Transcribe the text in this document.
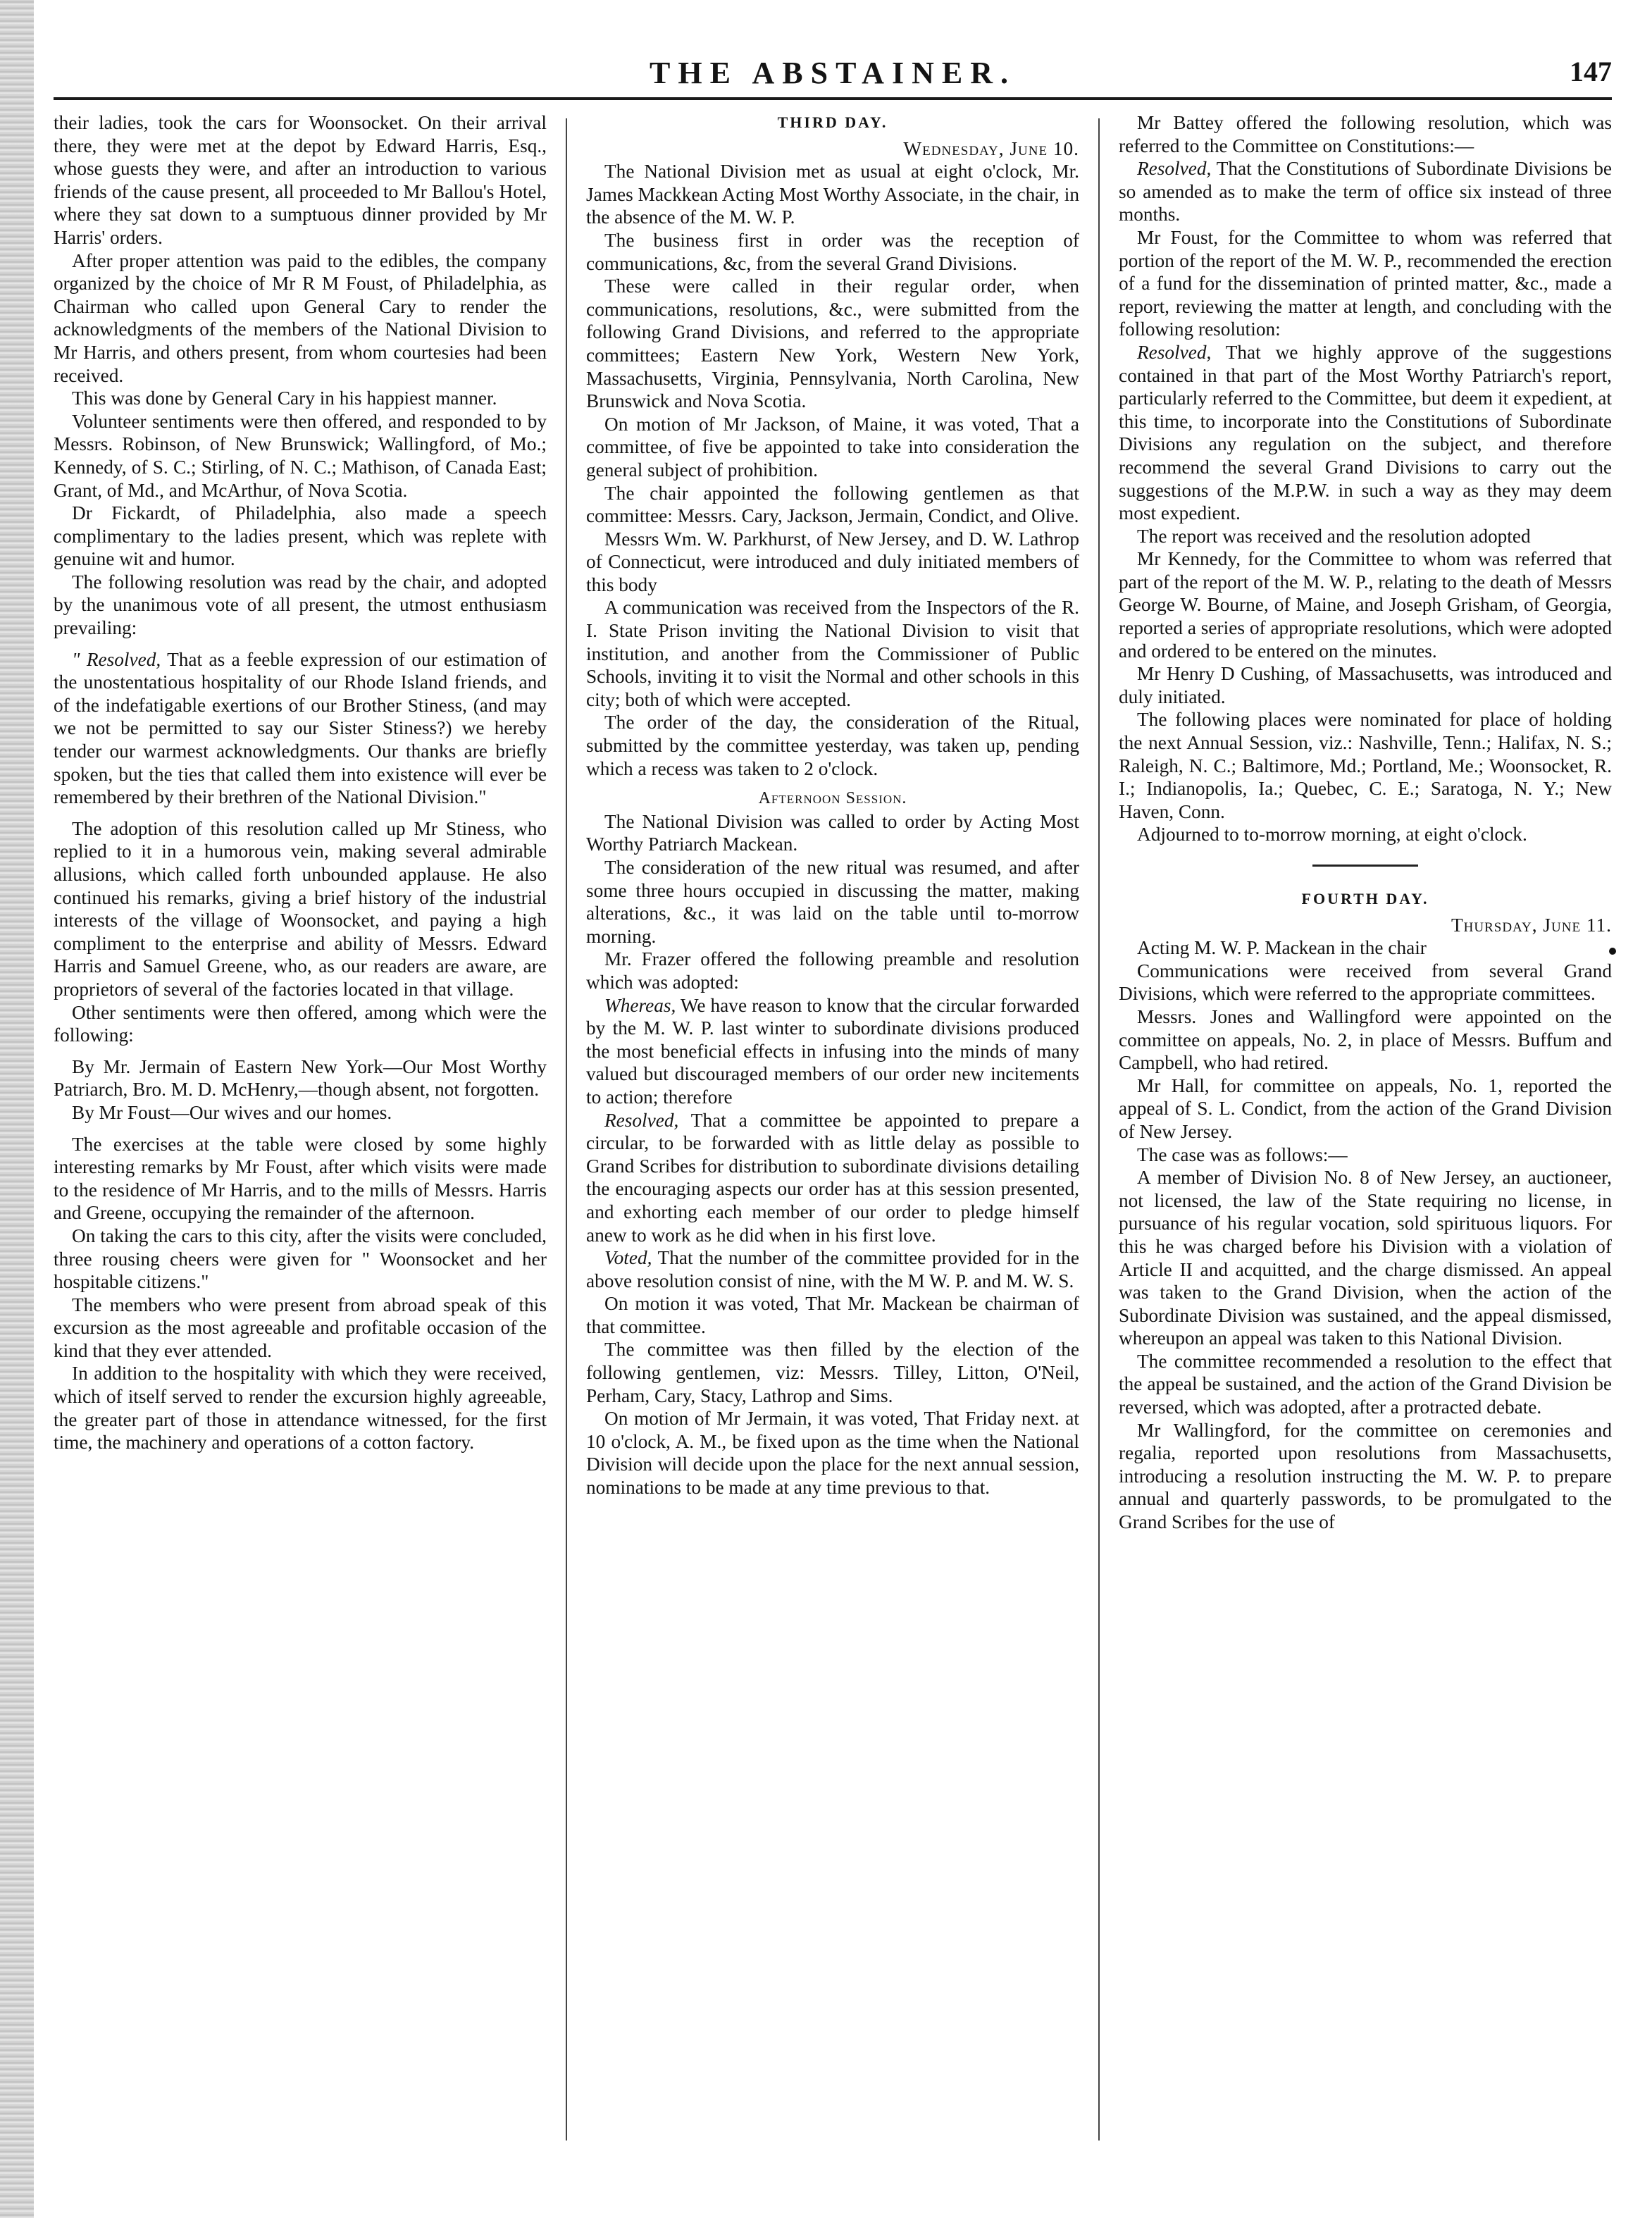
THE ABSTAINER.	147

their ladies, took the cars for Woonsocket. On their arrival there, they were met at the depot by Edward Harris, Esq., whose guests they were, and after an introduction to various friends of the cause present, all proceeded to Mr Ballou's Hotel, where they sat down to a sumptuous dinner provided by Mr Harris' orders.

After proper attention was paid to the edibles, the company organized by the choice of Mr R M Foust, of Philadelphia, as Chairman who called upon General Cary to render the acknowledgments of the members of the National Division to Mr Harris, and others present, from whom courtesies had been received.

This was done by General Cary in his happiest manner.

Volunteer sentiments were then offered, and responded to by Messrs. Robinson, of New Brunswick; Wallingford, of Mo.; Kennedy, of S. C.; Stirling, of N. C.; Mathison, of Canada East; Grant, of Md., and McArthur, of Nova Scotia.

Dr Fickardt, of Philadelphia, also made a speech complimentary to the ladies present, which was replete with genuine wit and humor.

The following resolution was read by the chair, and adopted by the unanimous vote of all present, the utmost enthusiasm prevailing:

" Resolved, That as a feeble expression of our estimation of the unostentatious hospitality of our Rhode Island friends, and of the indefatigable exertions of our Brother Stiness, (and may we not be permitted to say our Sister Stiness?) we hereby tender our warmest acknowledgments. Our thanks are briefly spoken, but the ties that called them into existence will ever be remembered by their brethren of the National Division."

The adoption of this resolution called up Mr Stiness, who replied to it in a humorous vein, making several admirable allusions, which called forth unbounded applause. He also continued his remarks, giving a brief history of the industrial interests of the village of Woonsocket, and paying a high compliment to the enterprise and ability of Messrs. Edward Harris and Samuel Greene, who, as our readers are aware, are proprietors of several of the factories located in that village.

Other sentiments were then offered, among which were the following:

By Mr. Jermain of Eastern New York—Our Most Worthy Patriarch, Bro. M. D. McHenry,—though absent, not forgotten.

By Mr Foust—Our wives and our homes.

The exercises at the table were closed by some highly interesting remarks by Mr Foust, after which visits were made to the residence of Mr Harris, and to the mills of Messrs. Harris and Greene, occupying the remainder of the afternoon.

On taking the cars to this city, after the visits were concluded, three rousing cheers were given for " Woonsocket and her hospitable citizens."

The members who were present from abroad speak of this excursion as the most agreeable and profitable occasion of the kind that they ever attended.

In addition to the hospitality with which they were received, which of itself served to render the excursion highly agreeable, the greater part of those in attendance witnessed, for the first time, the machinery and operations of a cotton factory.

THIRD DAY.

Wednesday, June 10.

The National Division met as usual at eight o'clock, Mr. James Mackkean Acting Most Worthy Associate, in the chair, in the absence of the M. W. P.

The business first in order was the reception of communications, &c, from the several Grand Divisions.

These were called in their regular order, when communications, resolutions, &c., were submitted from the following Grand Divisions, and referred to the appropriate committees; Eastern New York, Western New York, Massachusetts, Virginia, Pennsylvania, North Carolina, New Brunswick and Nova Scotia.

On motion of Mr Jackson, of Maine, it was voted, That a committee, of five be appointed to take into consideration the general subject of prohibition.

The chair appointed the following gentlemen as that committee: Messrs. Cary, Jackson, Jermain, Condict, and Olive.

Messrs Wm. W. Parkhurst, of New Jersey, and D. W. Lathrop of Connecticut, were introduced and duly initiated members of this body

A communication was received from the Inspectors of the R. I. State Prison inviting the National Division to visit that institution, and another from the Commissioner of Public Schools, inviting it to visit the Normal and other schools in this city; both of which were accepted.

The order of the day, the consideration of the Ritual, submitted by the committee yesterday, was taken up, pending which a recess was taken to 2 o'clock.

Afternoon Session.

The National Division was called to order by Acting Most Worthy Patriarch Mackean.

The consideration of the new ritual was resumed, and after some three hours occupied in discussing the matter, making alterations, &c., it was laid on the table until to-morrow morning.

Mr. Frazer offered the following preamble and resolution which was adopted:

Whereas, We have reason to know that the circular forwarded by the M. W. P. last winter to subordinate divisions produced the most beneficial effects in infusing into the minds of many valued but discouraged members of our order new incitements to action; therefore

Resolved, That a committee be appointed to prepare a circular, to be forwarded with as little delay as possible to Grand Scribes for distribution to subordinate divisions detailing the encouraging aspects our order has at this session presented, and exhorting each member of our order to pledge himself anew to work as he did when in his first love.

Voted, That the number of the committee provided for in the above resolution consist of nine, with the M W. P. and M. W. S.

On motion it was voted, That Mr. Mackean be chairman of that committee.

The committee was then filled by the election of the following gentlemen, viz: Messrs. Tilley, Litton, O'Neil, Perham, Cary, Stacy, Lathrop and Sims.

On motion of Mr Jermain, it was voted, That Friday next. at 10 o'clock, A. M., be fixed upon as the time when the National Division will decide upon the place for the next annual session, nominations to be made at any time previous to that.

Mr Battey offered the following resolution, which was referred to the Committee on Constitutions:—

Resolved, That the Constitutions of Subordinate Divisions be so amended as to make the term of office six instead of three months.

Mr Foust, for the Committee to whom was referred that portion of the report of the M. W. P., recommended the erection of a fund for the dissemination of printed matter, &c., made a report, reviewing the matter at length, and concluding with the following resolution:

Resolved, That we highly approve of the suggestions contained in that part of the Most Worthy Patriarch's report, particularly referred to the Committee, but deem it expedient, at this time, to incorporate into the Constitutions of Subordinate Divisions any regulation on the subject, and therefore recommend the several Grand Divisions to carry out the suggestions of the M.P.W. in such a way as they may deem most expedient.

The report was received and the resolution adopted

Mr Kennedy, for the Committee to whom was referred that part of the report of the M. W. P., relating to the death of Messrs George W. Bourne, of Maine, and Joseph Grisham, of Georgia, reported a series of appropriate resolutions, which were adopted and ordered to be entered on the minutes.

Mr Henry D Cushing, of Massachusetts, was introduced and duly initiated.

The following places were nominated for place of holding the next Annual Session, viz.: Nashville, Tenn.; Halifax, N. S.; Raleigh, N. C.; Baltimore, Md.; Portland, Me.; Woonsocket, R. I.; Indianopolis, Ia.; Quebec, C. E.; Saratoga, N. Y.; New Haven, Conn.

Adjourned to to-morrow morning, at eight o'clock.

FOURTH DAY.

Thursday, June 11.

Acting M. W. P. Mackean in the chair

Communications were received from several Grand Divisions, which were referred to the appropriate committees.

Messrs. Jones and Wallingford were appointed on the committee on appeals, No. 2, in place of Messrs. Buffum and Campbell, who had retired.

Mr Hall, for committee on appeals, No. 1, reported the appeal of S. L. Condict, from the action of the Grand Division of New Jersey.

The case was as follows:—

A member of Division No. 8 of New Jersey, an auctioneer, not licensed, the law of the State requiring no license, in pursuance of his regular vocation, sold spirituous liquors. For this he was charged before his Division with a violation of Article II and acquitted, and the charge dismissed. An appeal was taken to the Grand Division, when the action of the Subordinate Division was sustained, and the appeal dismissed, whereupon an appeal was taken to this National Division.

The committee recommended a resolution to the effect that the appeal be sustained, and the action of the Grand Division be reversed, which was adopted, after a protracted debate.

Mr Wallingford, for the committee on ceremonies and regalia, reported upon resolutions from Massachusetts, introducing a resolution instructing the M. W. P. to prepare annual and quarterly passwords, to be promulgated to the Grand Scribes for the use of
